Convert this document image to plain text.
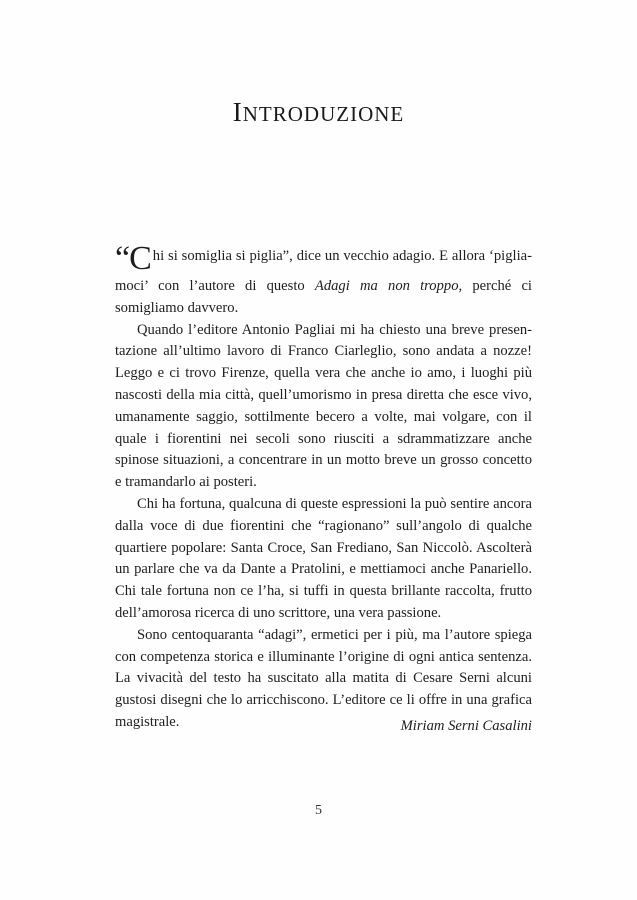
INTRODUZIONE

“Chi si somiglia si piglia”, dice un vecchio adagio. E allora ‘pigliamoci’ con l’autore di questo Adagi ma non troppo, perché ci somigliamo davvero.

Quando l’editore Antonio Pagliai mi ha chiesto una breve presentazione all’ultimo lavoro di Franco Ciarleglio, sono andata a nozze! Leggo e ci trovo Firenze, quella vera che anche io amo, i luoghi più nascosti della mia città, quell’umorismo in presa diretta che esce vivo, umanamente saggio, sottilmente becero a volte, mai volgare, con il quale i fiorentini nei secoli sono riusciti a sdrammatizzare anche spinose situazioni, a concentrare in un motto breve un grosso concetto e tramandarlo ai posteri.

Chi ha fortuna, qualcuna di queste espressioni la può sentire ancora dalla voce di due fiorentini che “ragionano” sull’angolo di qualche quartiere popolare: Santa Croce, San Frediano, San Niccolò. Ascolterà un parlare che va da Dante a Pratolini, e mettiamoci anche Panariello. Chi tale fortuna non ce l’ha, si tuffi in questa brillante raccolta, frutto dell’amorosa ricerca di uno scrittore, una vera passione.

Sono centoquaranta “adagi”, ermetici per i più, ma l’autore spiega con competenza storica e illuminante l’origine di ogni antica sentenza. La vivacità del testo ha suscitato alla matita di Cesare Serni alcuni gustosi disegni che lo arricchiscono. L’editore ce li offre in una grafica magistrale.	Miriam Serni Casalini
5
